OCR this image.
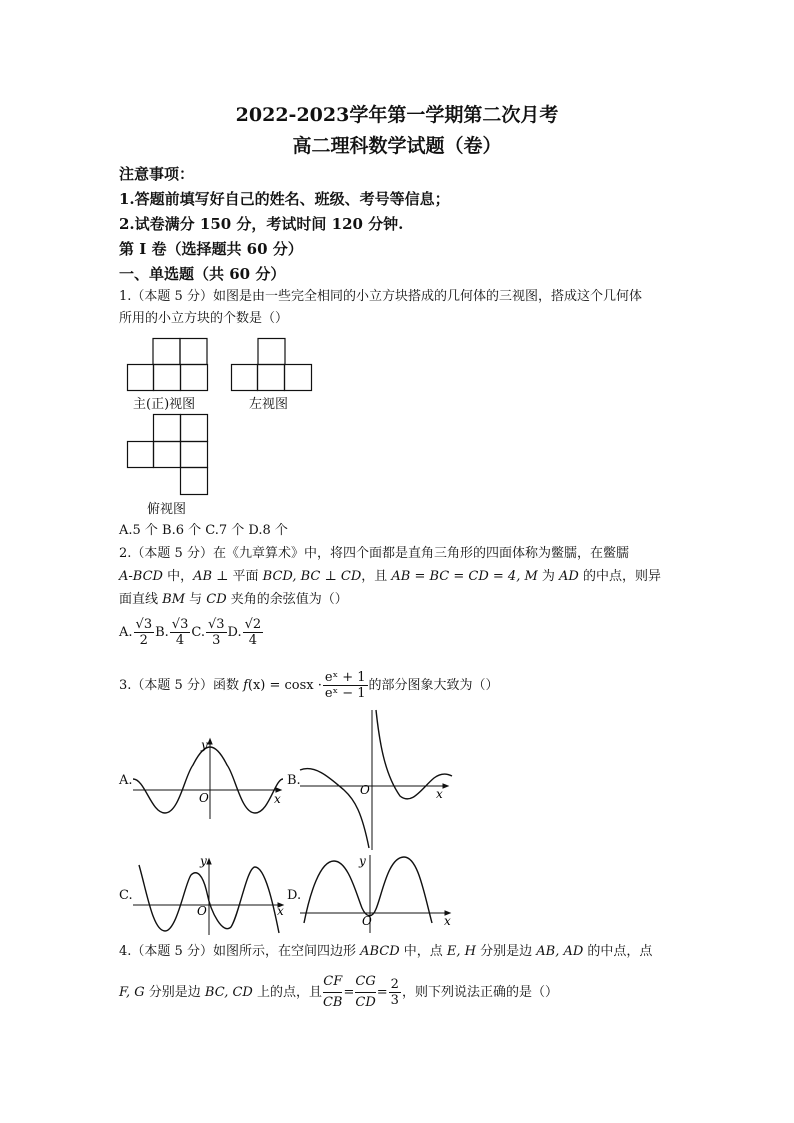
2022-2023学年第一学期第二次月考
高二理科数学试题（卷）
注意事项：
1.答题前填写好自己的姓名、班级、考号等信息；
2.试卷满分 150 分，考试时间 120 分钟.
第 I 卷（选择题共 60 分）
一、单选题（共 60 分）
1.（本题 5 分）如图是由一些完全相同的小立方块搭成的几何体的三视图，搭成这个几何体
所用的小立方块的个数是（）
主(正)视图	左视图
俯视图
A.5 个 B.6 个 C.7 个 D.8 个
2.（本题 5 分）在《九章算术》中，将四个面都是直角三角形的四面体称为鳖臑，在鳖臑
A-BCD 中，AB ⊥ 平面 BCD, BC ⊥ CD，且 AB = BC = CD = 4, M 为 AD 的中点，则异
面直线 BM 与 CD 夹角的余弦值为（）
A. $\frac{√3}{2} B$. $\frac{√3}{4} C$. $\frac{√3}{3} D$. $\frac{√2}{4}$
3.（本题 5 分）函数 $f(x) = \cos x \cdot \frac{\text{eˣ + 1}}{\text{eˣ − 1}}$ 的部分图象大致为（）
A.
y
O	x
B.
O	x
C.
y
O	x
D.
y
O	x
4.（本题 5 分）如图所示，在空间四边形 ABCD 中，点 E, H 分别是边 AB, AD 的中点，点
F, G 分别是边 BC, CD 上的点，且 $\frac{CF}{CB} = \frac{CG}{CD} = \frac{2}{3}$ ，则下列说法正确的是（）
